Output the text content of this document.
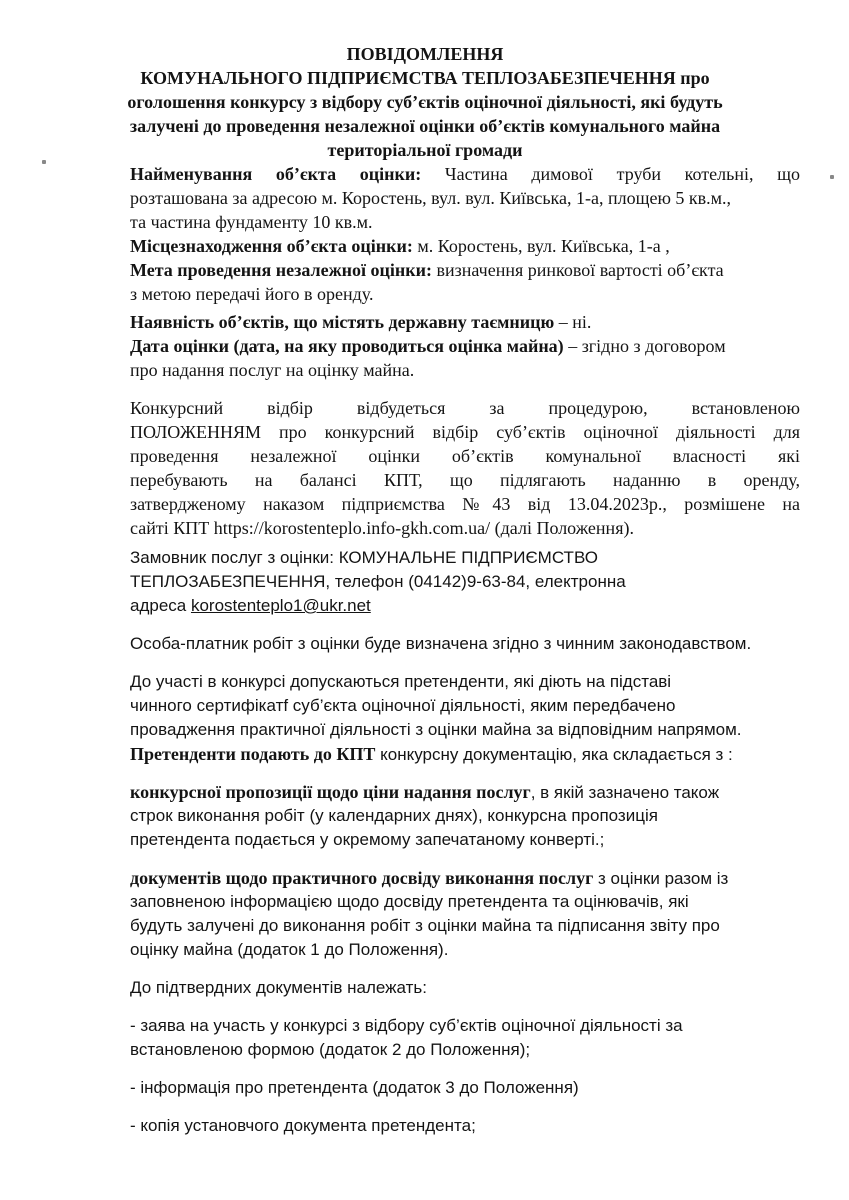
ПОВІДОМЛЕННЯ
КОМУНАЛЬНОГО ПІДПРИЄМСТВА ТЕПЛОЗАБЕЗПЕЧЕННЯ про
оголошення конкурсу з відбору суб’єктів оціночної діяльності, які будуть
залучені до проведення незалежної оцінки об’єктів комунального майна
територіальної громади
Найменування об’єкта оцінки: Частина димової труби котельні, що
розташована за адресою м. Коростень, вул. вул. Київська, 1-а, площею 5 кв.м.,
та частина фундаменту 10 кв.м.
Місцезнаходження об’єкта оцінки: м. Коростень, вул. Київська, 1-а ,
Мета проведення незалежної оцінки: визначення ринкової вартості об’єкта
з метою передачі його в оренду.
Наявність об’єктів, що містять державну таємницю – ні.
Дата оцінки (дата, на яку проводиться оцінка майна) – згідно з договором
про надання послуг на оцінку майна.
Конкурсний відбір відбудеться за процедурою, встановленою
ПОЛОЖЕННЯМ про конкурсний відбір суб’єктів оціночної діяльності для
проведення незалежної оцінки об’єктів комунальної власності які
перебувають на балансі КПТ, що підлягають наданню в оренду,
затвердженому наказом підприємства №43 від 13.04.2023р., розмішене на
сайті КПТ https://korostenteplo.info-gkh.com.ua/ (далі Положення).
Замовник послуг з оцінки: КОМУНАЛЬНЕ ПІДПРИЄМСТВО
ТЕПЛОЗАБЕЗПЕЧЕННЯ, телефон (04142)9-63-84, електронна
адреса korostenteplo1@ukr.net
Особа-платник робіт з оцінки буде визначена згідно з чинним законодавством.
До участі в конкурсі допускаються претенденти, які діють на підставі
чинного сертифікатf суб’єкта оціночної діяльності, яким передбачено
провадження практичної діяльності з оцінки майна за відповідним напрямом.
Претенденти подають до КПТ конкурсну документацію, яка складається з :
конкурсної пропозиції щодо ціни надання послуг, в якій зазначено також
строк виконання робіт (у календарних днях), конкурсна пропозиція
претендента подається у окремому запечатаному конверті.;
документів щодо практичного досвіду виконання послуг з оцінки разом із
заповненою інформацією щодо досвіду претендента та оцінювачів, які
будуть залучені до виконання робіт з оцінки майна та підписання звіту про
оцінку майна (додаток 1 до Положення).
До підтвердних документів належать:
- заява на участь у конкурсі з відбору суб’єктів оціночної діяльності за
встановленою формою (додаток 2 до Положення);
- інформація про претендента (додаток 3 до Положення)
- копія установчого документа претендента;
